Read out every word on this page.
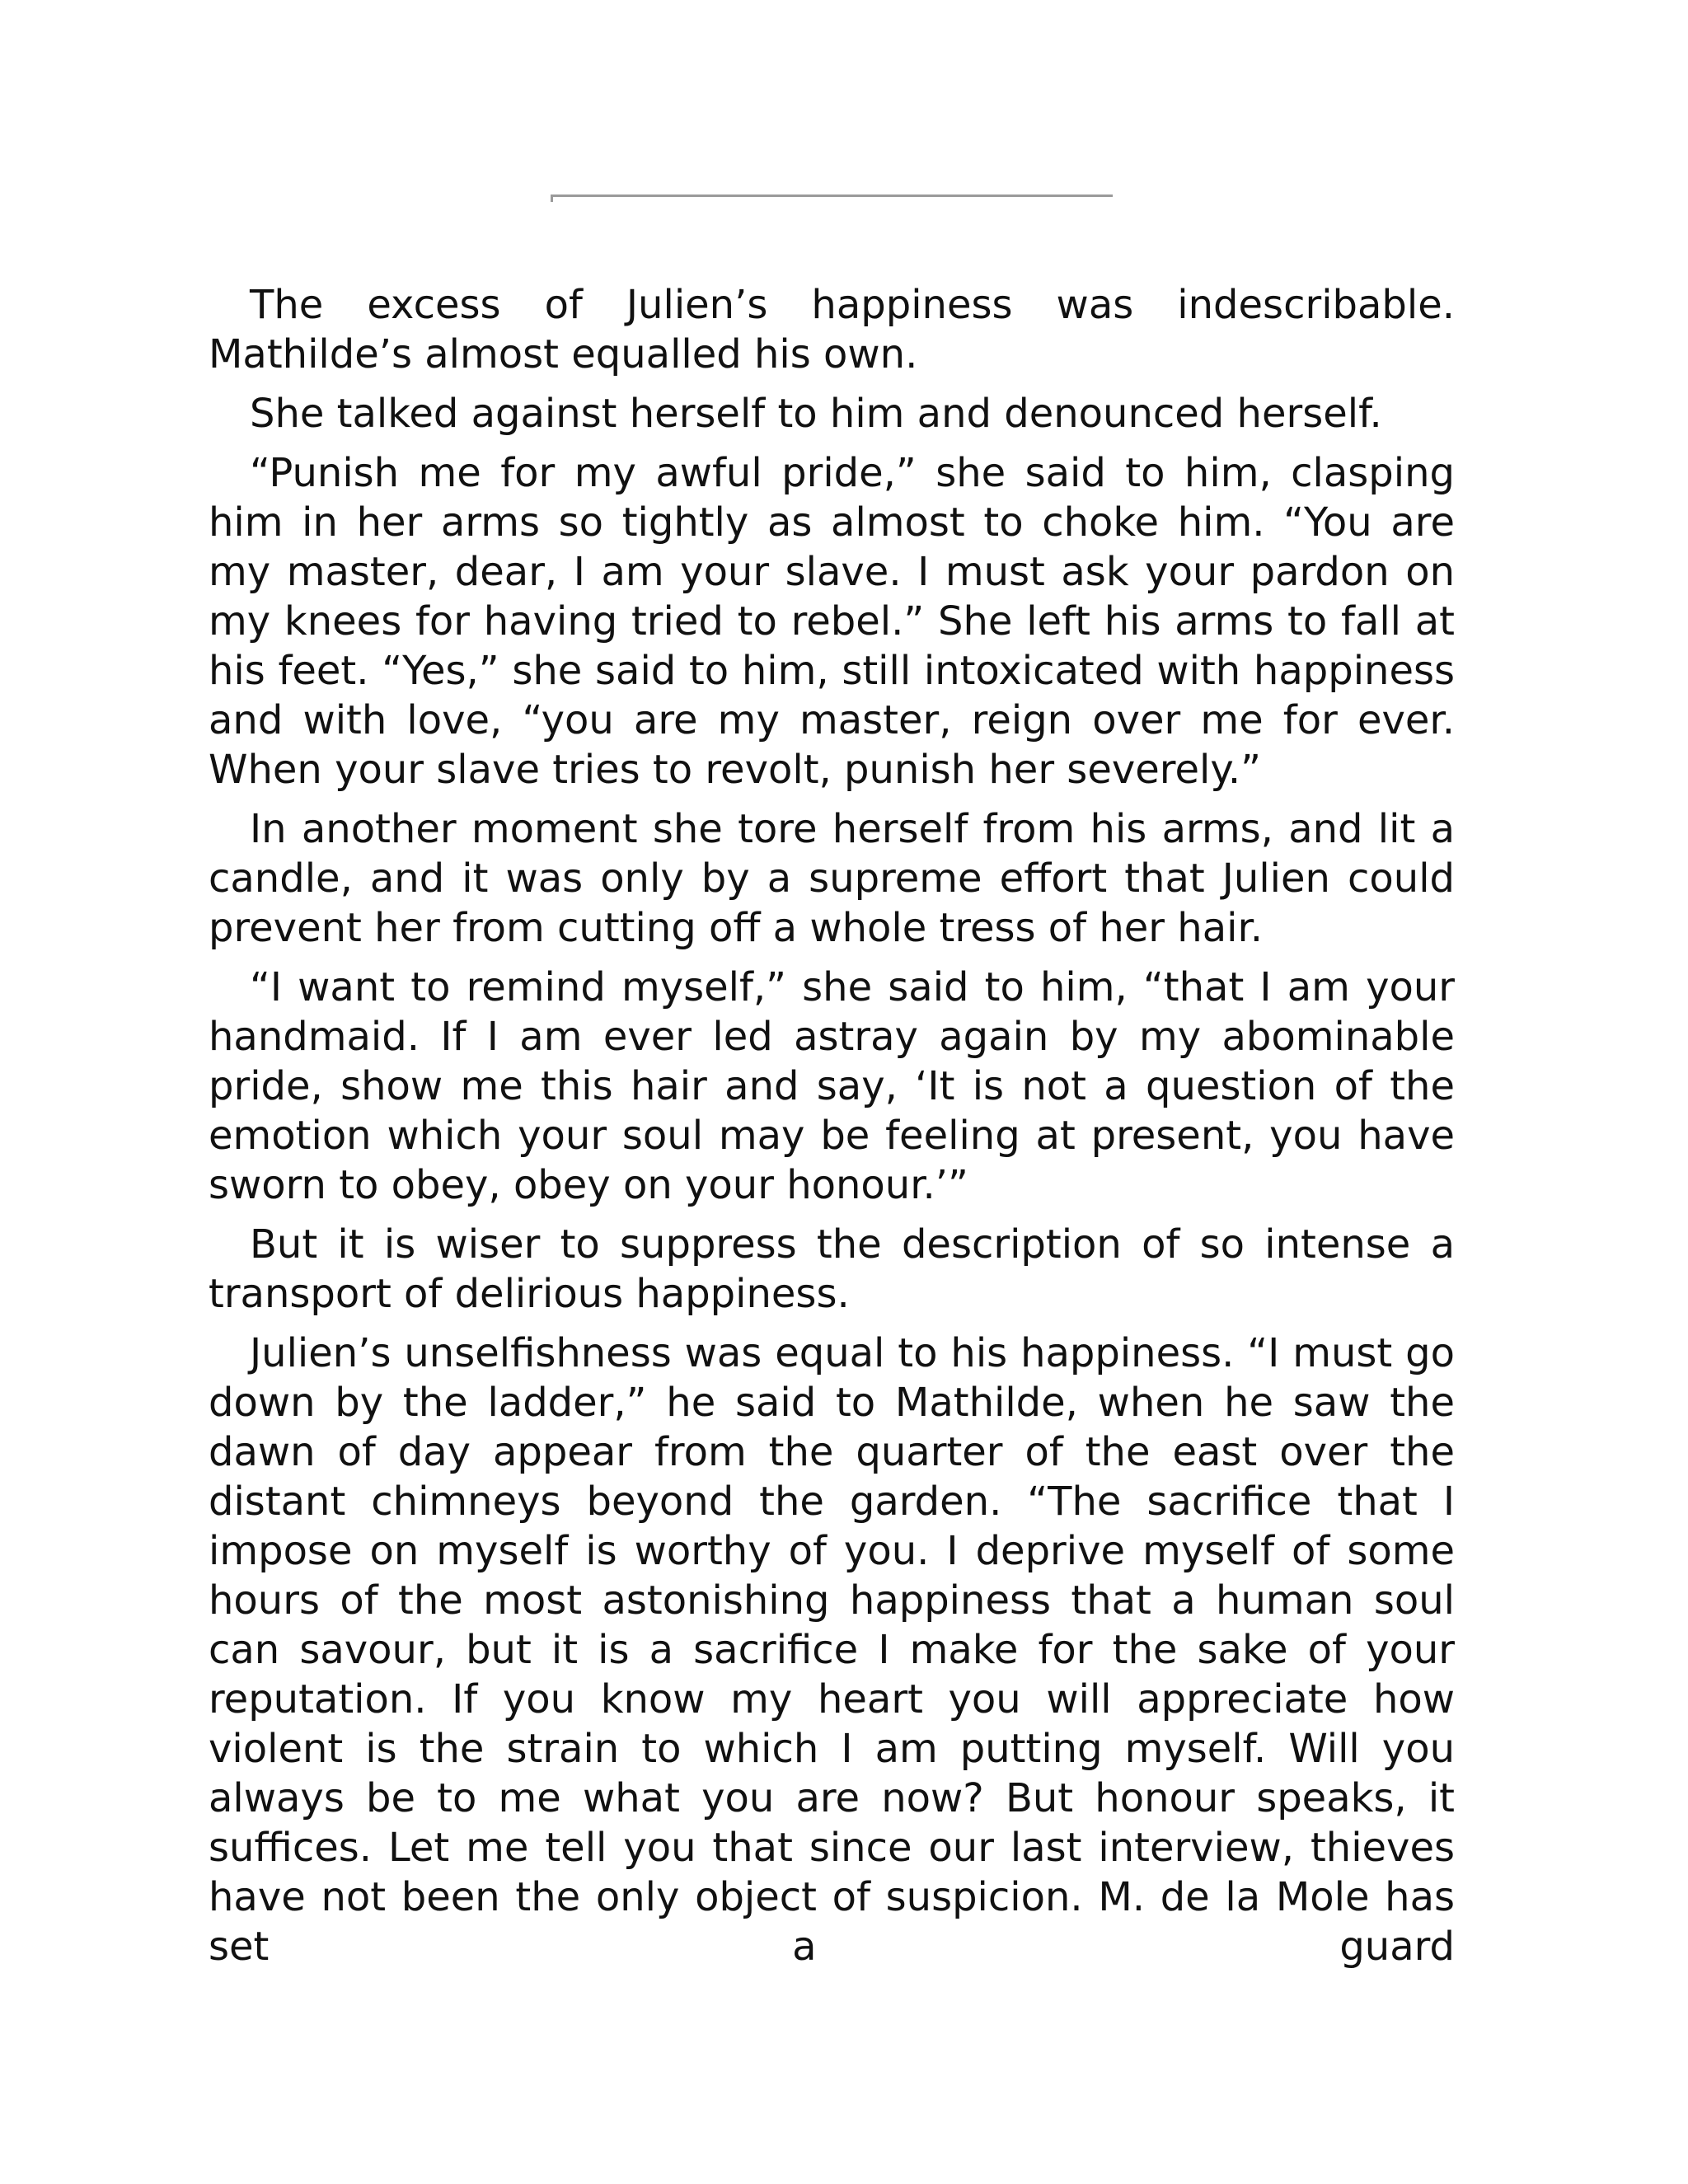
The excess of Julien’s happiness was indescribable. Mathilde’s almost equalled his own.

She talked against herself to him and denounced herself.

“Punish me for my awful pride,” she said to him, clasping him in her arms so tightly as almost to choke him. “You are my master, dear, I am your slave. I must ask your pardon on my knees for having tried to rebel.” She left his arms to fall at his feet. “Yes,” she said to him, still intoxicated with happiness and with love, “you are my master, reign over me for ever. When your slave tries to revolt, punish her severely.”

In another moment she tore herself from his arms, and lit a candle, and it was only by a supreme effort that Julien could prevent her from cutting off a whole tress of her hair.

“I want to remind myself,” she said to him, “that I am your handmaid. If I am ever led astray again by my abominable pride, show me this hair and say, ‘It is not a question of the emotion which your soul may be feeling at present, you have sworn to obey, obey on your honour.’”

But it is wiser to suppress the description of so intense a transport of delirious happiness.

Julien’s unselfishness was equal to his happiness. “I must go down by the ladder,” he said to Mathilde, when he saw the dawn of day appear from the quarter of the east over the distant chimneys beyond the garden. “The sacrifice that I impose on myself is worthy of you. I deprive myself of some hours of the most astonishing happiness that a human soul can savour, but it is a sacrifice I make for the sake of your reputation. If you know my heart you will appreciate how violent is the strain to which I am putting myself. Will you always be to me what you are now? But honour speaks, it suffices. Let me tell you that since our last interview, thieves have not been the only object of suspicion. M. de la Mole has set a guard
